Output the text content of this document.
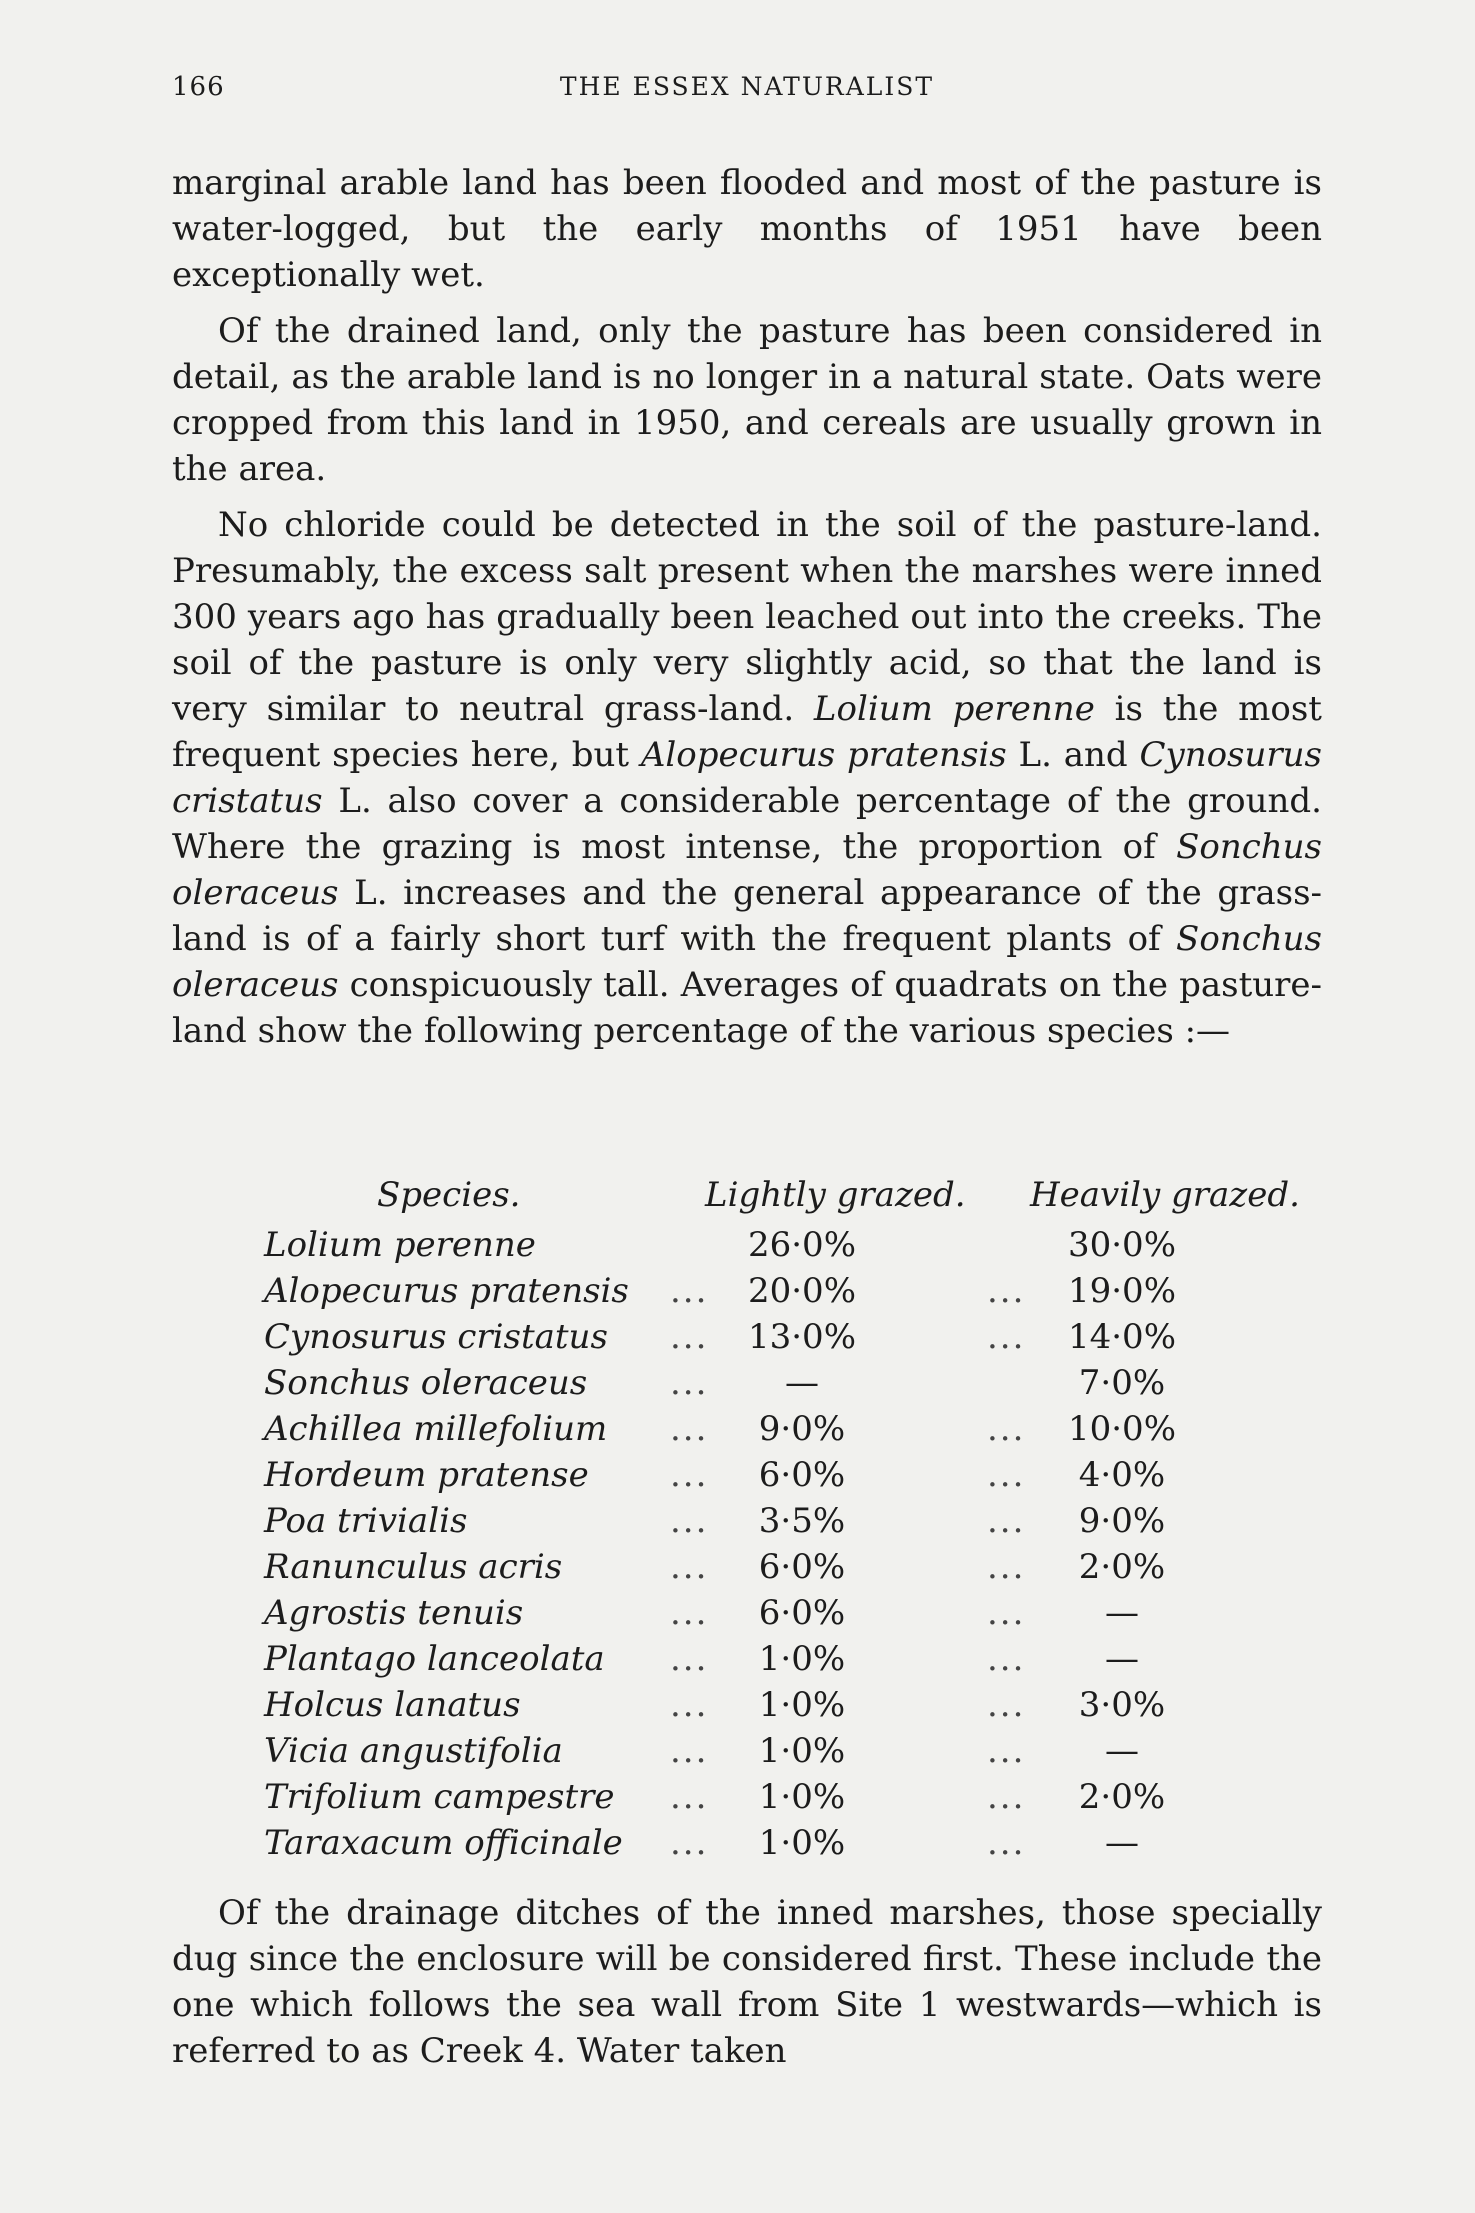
166	THE ESSEX NATURALIST

marginal arable land has been flooded and most of the pasture is water-logged, but the early months of 1951 have been exceptionally wet.

Of the drained land, only the pasture has been considered in detail, as the arable land is no longer in a natural state. Oats were cropped from this land in 1950, and cereals are usually grown in the area.

No chloride could be detected in the soil of the pasture-land. Presumably, the excess salt present when the marshes were inned 300 years ago has gradually been leached out into the creeks. The soil of the pasture is only very slightly acid, so that the land is very similar to neutral grass-land. Lolium perenne is the most frequent species here, but Alopecurus pratensis L. and Cynosurus cristatus L. also cover a considerable percentage of the ground. Where the grazing is most intense, the proportion of Sonchus oleraceus L. increases and the general appearance of the grass-land is of a fairly short turf with the frequent plants of Sonchus oleraceus conspicuously tall. Averages of quadrats on the pasture-land show the following percentage of the various species :—

Species.	Lightly grazed. Heavily grazed.
Lolium perenne	26·0%	30·0%
Alopecurus pratensis	...	20·0%	...	19·0%
Cynosurus cristatus	...	13·0%	...	14·0%
Sonchus oleraceus	...	—	7·0%
Achillea millefolium	...	9·0%	...	10·0%
Hordeum pratense	...	6·0%	...	4·0%
Poa trivialis	...	3·5%	...	9·0%
Ranunculus acris	...	6·0%	...	2·0%
Agrostis tenuis	...	6·0%	...	—
Plantago lanceolata	...	1·0%	...	—
Holcus lanatus	...	1·0%	...	3·0%
Vicia angustifolia	...	1·0%	...	—
Trifolium campestre	...	1·0%	...	2·0%
Taraxacum officinale	...	1·0%	...	—

Of the drainage ditches of the inned marshes, those specially dug since the enclosure will be considered first. These include the one which follows the sea wall from Site 1 westwards—which is referred to as Creek 4. Water taken
